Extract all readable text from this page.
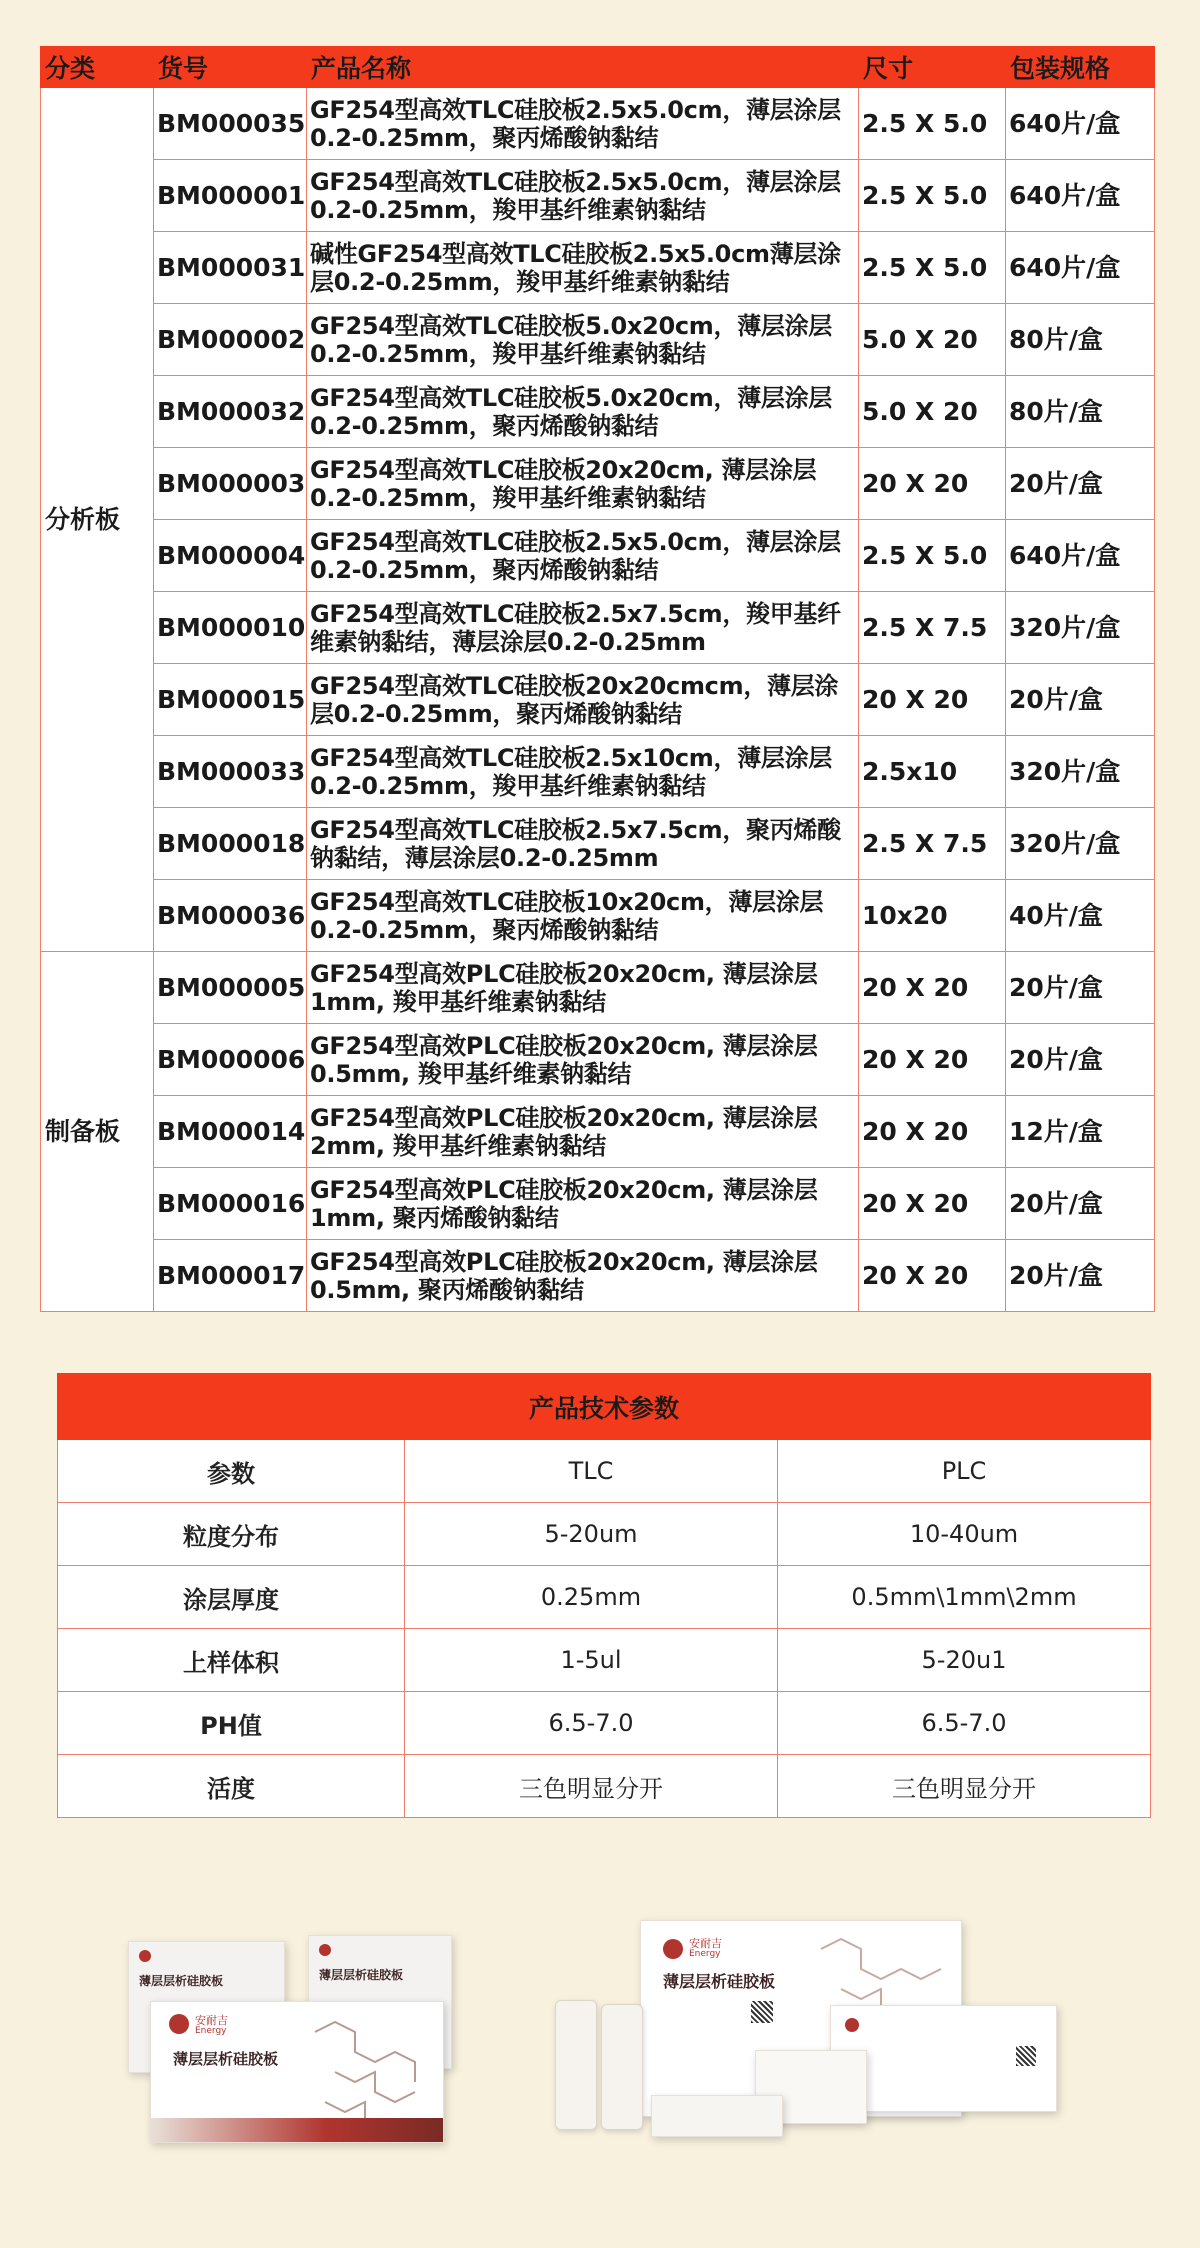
分类	货号	产品名称	尺寸	包装规格
分析板	BM000035	GF254型高效TLC硅胶板2.5x5.0cm，薄层涂层0.2-0.25mm，聚丙烯酸钠黏结	2.5 X 5.0	640片/盒
	BM000001	GF254型高效TLC硅胶板2.5x5.0cm，薄层涂层0.2-0.25mm，羧甲基纤维素钠黏结	2.5 X 5.0	640片/盒
	BM000031	碱性GF254型高效TLC硅胶板2.5x5.0cm薄层涂层0.2-0.25mm，羧甲基纤维素钠黏结	2.5 X 5.0	640片/盒
	BM000002	GF254型高效TLC硅胶板5.0x20cm，薄层涂层0.2-0.25mm，羧甲基纤维素钠黏结	5.0 X 20	80片/盒
	BM000032	GF254型高效TLC硅胶板5.0x20cm，薄层涂层0.2-0.25mm，聚丙烯酸钠黏结	5.0 X 20	80片/盒
	BM000003	GF254型高效TLC硅胶板20x20cm, 薄层涂层0.2-0.25mm，羧甲基纤维素钠黏结	20 X 20	20片/盒
	BM000004	GF254型高效TLC硅胶板2.5x5.0cm，薄层涂层0.2-0.25mm，聚丙烯酸钠黏结	2.5 X 5.0	640片/盒
	BM000010	GF254型高效TLC硅胶板2.5x7.5cm，羧甲基纤维素钠黏结，薄层涂层0.2-0.25mm	2.5 X 7.5	320片/盒
	BM000015	GF254型高效TLC硅胶板20x20cmcm，薄层涂层0.2-0.25mm，聚丙烯酸钠黏结	20 X 20	20片/盒
	BM000033	GF254型高效TLC硅胶板2.5x10cm，薄层涂层0.2-0.25mm，羧甲基纤维素钠黏结	2.5x10	320片/盒
	BM000018	GF254型高效TLC硅胶板2.5x7.5cm，聚丙烯酸钠黏结，薄层涂层0.2-0.25mm	2.5 X 7.5	320片/盒
	BM000036	GF254型高效TLC硅胶板10x20cm，薄层涂层0.2-0.25mm，聚丙烯酸钠黏结	10x20	40片/盒
制备板	BM000005	GF254型高效PLC硅胶板20x20cm, 薄层涂层1mm, 羧甲基纤维素钠黏结	20 X 20	20片/盒
	BM000006	GF254型高效PLC硅胶板20x20cm, 薄层涂层0.5mm, 羧甲基纤维素钠黏结	20 X 20	20片/盒
	BM000014	GF254型高效PLC硅胶板20x20cm, 薄层涂层2mm, 羧甲基纤维素钠黏结	20 X 20	12片/盒
	BM000016	GF254型高效PLC硅胶板20x20cm, 薄层涂层1mm, 聚丙烯酸钠黏结	20 X 20	20片/盒
	BM000017	GF254型高效PLC硅胶板20x20cm, 薄层涂层0.5mm, 聚丙烯酸钠黏结	20 X 20	20片/盒
产品技术参数		
参数	TLC	PLC
粒度分布	5-20um	10-40um
涂层厚度	0.25mm	0.5mm\1mm\2mm
上样体积	1-5ul	5-20u1
PH值	6.5-7.0	6.5-7.0
活度	三色明显分开	三色明显分开
薄层层析硅胶板	薄层层析硅胶板
安耐吉
Energy
薄层层析硅胶板
安耐吉
Energy
薄层层析硅胶板
